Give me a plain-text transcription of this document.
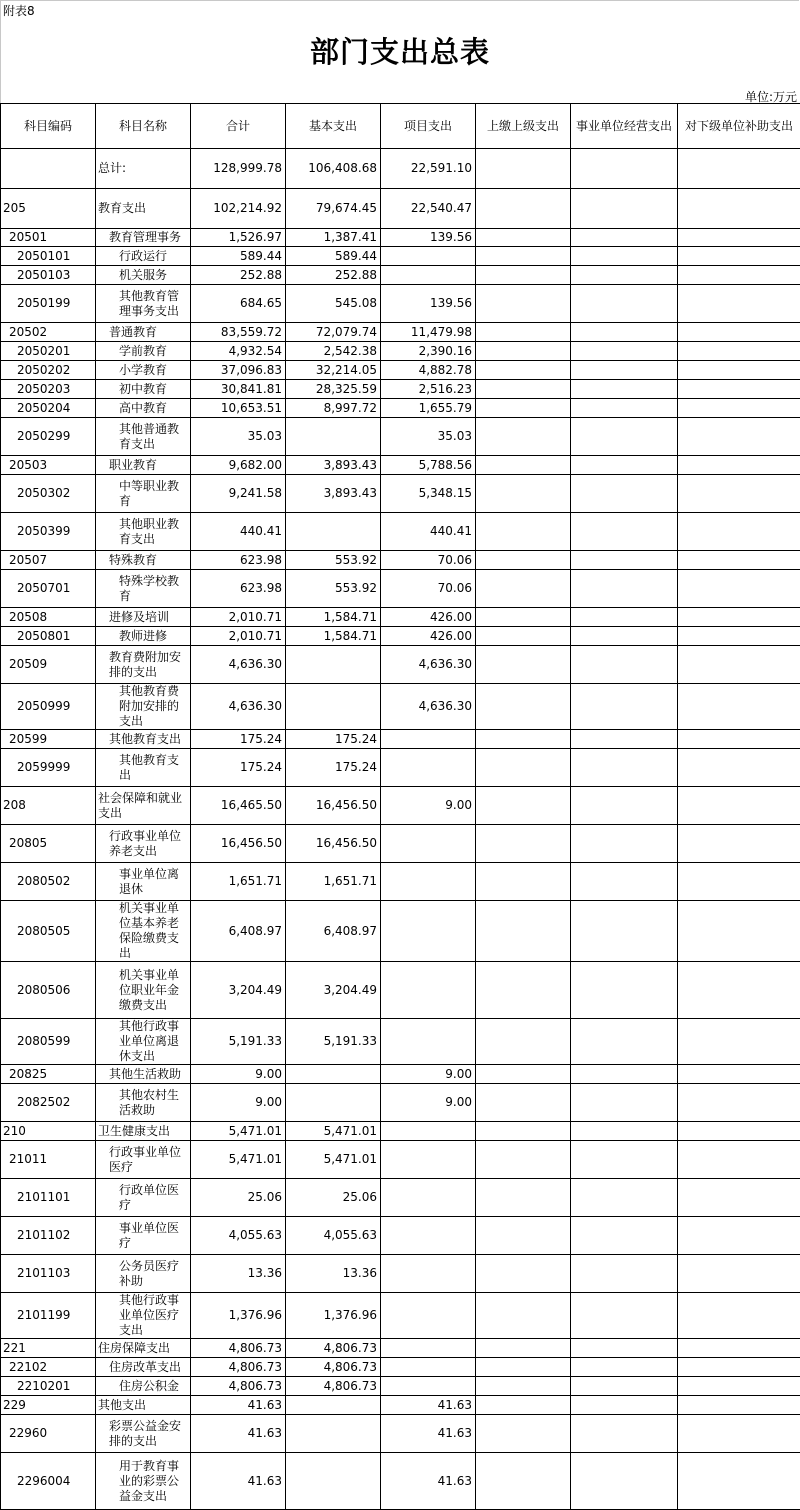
附表8
部门支出总表
单位:万元
科目编码	科目名称	合计	基本支出	项目支出	上缴上级支出	事业单位经营支出	对下级单位补助支出
	总计:	128,999.78	106,408.68	22,591.10			
205	教育支出	102,214.92	79,674.45	22,540.47			
20501	教育管理事务	1,526.97	1,387.41	139.56			
2050101	行政运行	589.44	589.44				
2050103	机关服务	252.88	252.88				
2050199	其他教育管理事务支出	684.65	545.08	139.56			
20502	普通教育	83,559.72	72,079.74	11,479.98			
2050201	学前教育	4,932.54	2,542.38	2,390.16			
2050202	小学教育	37,096.83	32,214.05	4,882.78			
2050203	初中教育	30,841.81	28,325.59	2,516.23			
2050204	高中教育	10,653.51	8,997.72	1,655.79			
2050299	其他普通教育支出	35.03		35.03			
20503	职业教育	9,682.00	3,893.43	5,788.56			
2050302	中等职业教育	9,241.58	3,893.43	5,348.15			
2050399	其他职业教育支出	440.41		440.41			
20507	特殊教育	623.98	553.92	70.06			
2050701	特殊学校教育	623.98	553.92	70.06			
20508	进修及培训	2,010.71	1,584.71	426.00			
2050801	教师进修	2,010.71	1,584.71	426.00			
20509	教育费附加安排的支出	4,636.30		4,636.30			
2050999	其他教育费附加安排的支出	4,636.30		4,636.30			
20599	其他教育支出	175.24	175.24				
2059999	其他教育支出	175.24	175.24				
208	社会保障和就业支出	16,465.50	16,456.50	9.00			
20805	行政事业单位养老支出	16,456.50	16,456.50				
2080502	事业单位离退休	1,651.71	1,651.71				
2080505	机关事业单位基本养老保险缴费支出	6,408.97	6,408.97				
2080506	机关事业单位职业年金缴费支出	3,204.49	3,204.49				
2080599	其他行政事业单位离退休支出	5,191.33	5,191.33				
20825	其他生活救助	9.00		9.00			
2082502	其他农村生活救助	9.00		9.00			
210	卫生健康支出	5,471.01	5,471.01				
21011	行政事业单位医疗	5,471.01	5,471.01				
2101101	行政单位医疗	25.06	25.06				
2101102	事业单位医疗	4,055.63	4,055.63				
2101103	公务员医疗补助	13.36	13.36				
2101199	其他行政事业单位医疗支出	1,376.96	1,376.96				
221	住房保障支出	4,806.73	4,806.73				
22102	住房改革支出	4,806.73	4,806.73				
2210201	住房公积金	4,806.73	4,806.73				
229	其他支出	41.63		41.63			
22960	彩票公益金安排的支出	41.63		41.63			
2296004	用于教育事业的彩票公益金支出	41.63		41.63			
